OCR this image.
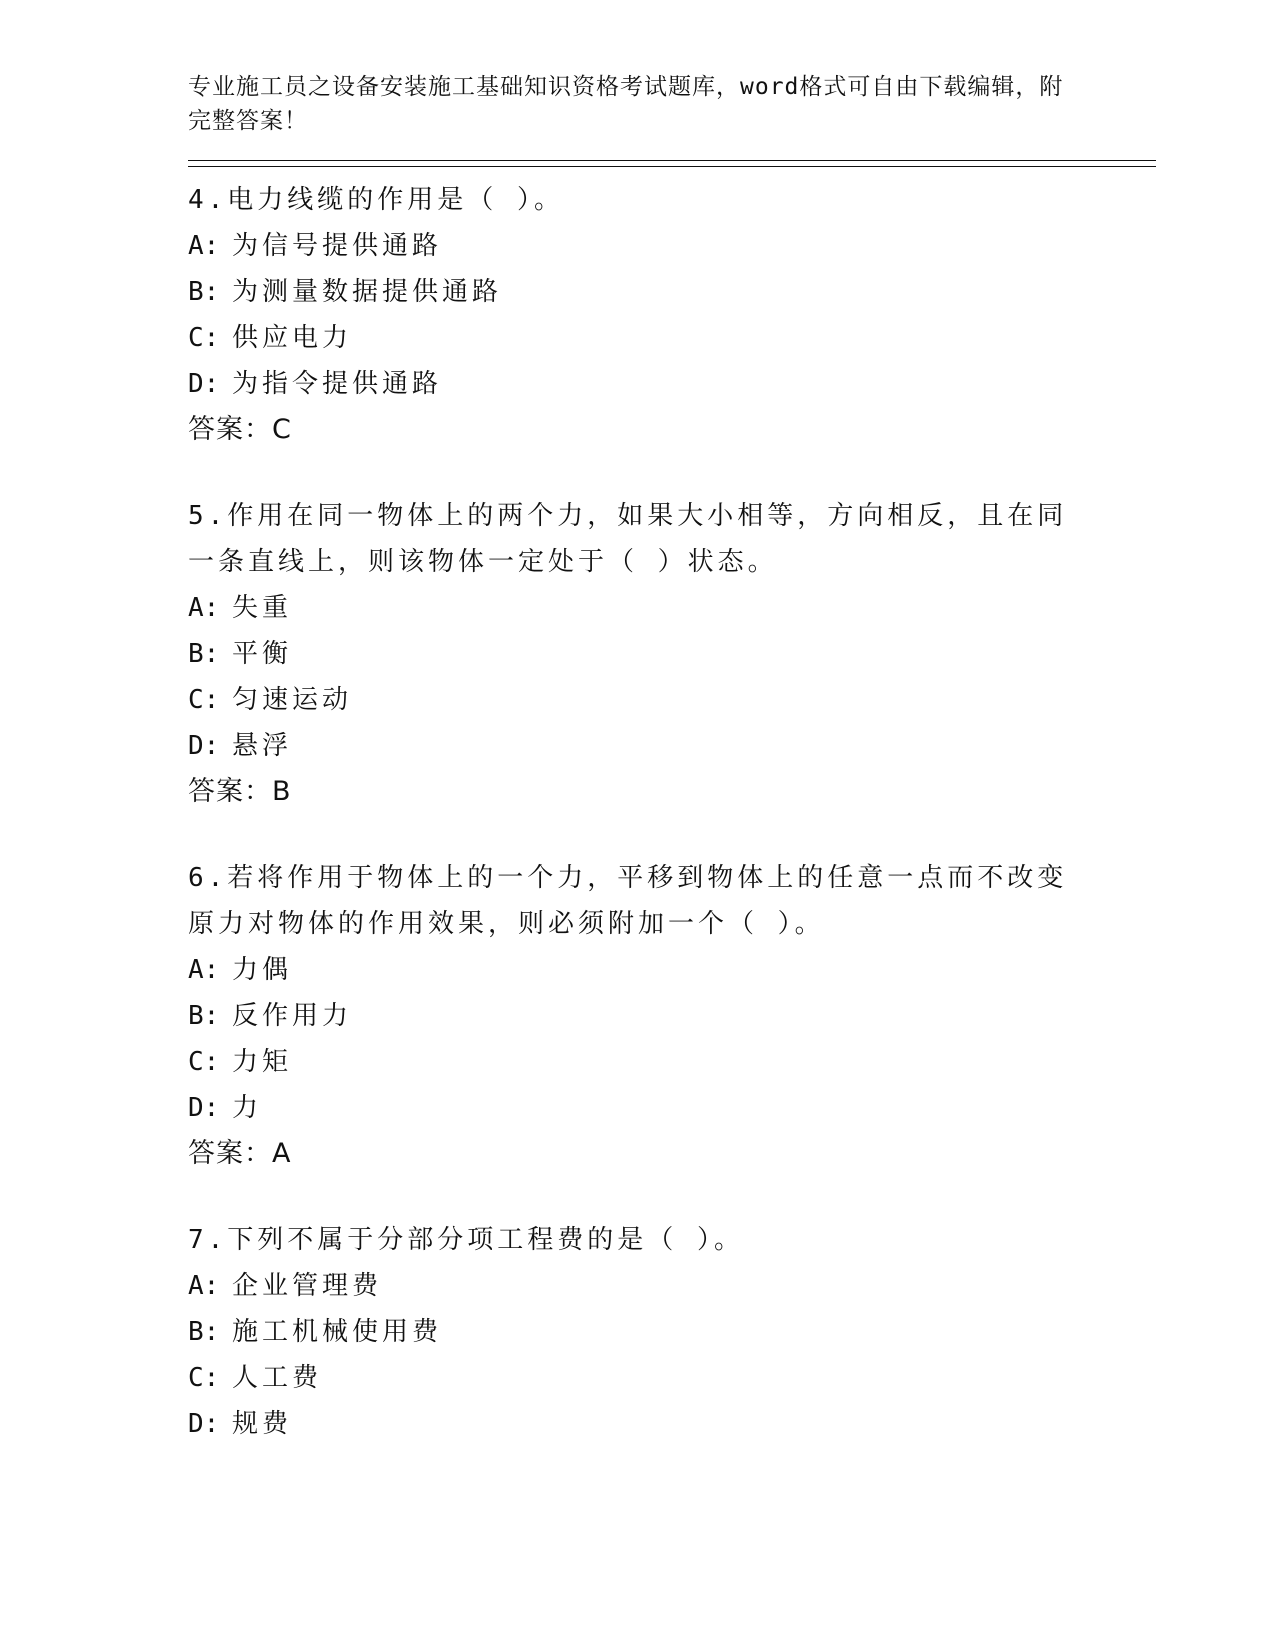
专业施工员之设备安装施工基础知识资格考试题库，word格式可自由下载编辑，附完整答案！
4.电力线缆的作用是（ ）。
A: 为信号提供通路
B: 为测量数据提供通路
C: 供应电力
D: 为指令提供通路
答案：C
5.作用在同一物体上的两个力，如果大小相等，方向相反，且在同一条直线上，则该物体一定处于（ ）状态。
A: 失重
B: 平衡
C: 匀速运动
D: 悬浮
答案：B
6.若将作用于物体上的一个力，平移到物体上的任意一点而不改变原力对物体的作用效果，则必须附加一个（ ）。
A: 力偶
B: 反作用力
C: 力矩
D: 力
答案：A
7.下列不属于分部分项工程费的是（ ）。
A: 企业管理费
B: 施工机械使用费
C: 人工费
D: 规费
